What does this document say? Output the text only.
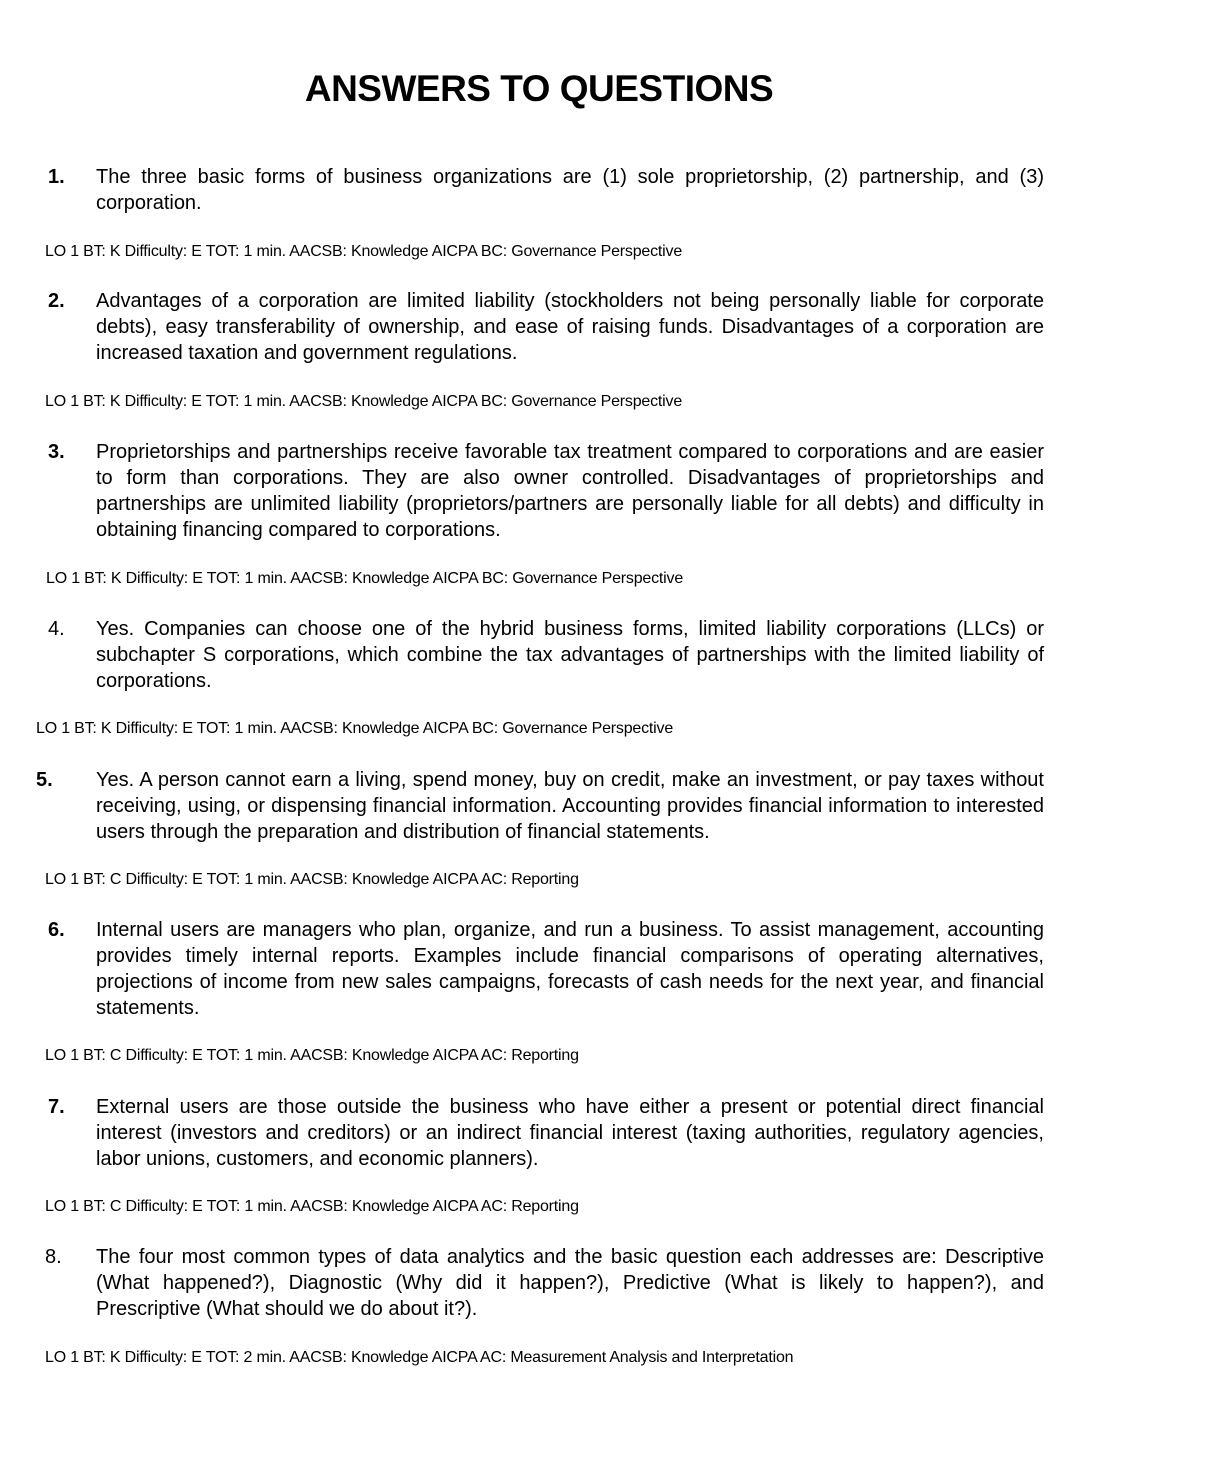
ANSWERS TO QUESTIONS
1. The three basic forms of business organizations are (1) sole proprietorship, (2) partnership, and (3) corporation.

LO 1 BT: K Difficulty: E TOT: 1 min. AACSB: Knowledge AICPA BC: Governance Perspective
2. Advantages of a corporation are limited liability (stockholders not being personally liable for corporate debts), easy transferability of ownership, and ease of raising funds. Disadvantages of a corporation are increased taxation and government regulations.

LO 1 BT: K Difficulty: E TOT: 1 min. AACSB: Knowledge AICPA BC: Governance Perspective
3. Proprietorships and partnerships receive favorable tax treatment compared to corporations and are easier to form than corporations. They are also owner controlled. Disadvantages of proprietorships and partnerships are unlimited liability (proprietors/partners are personally liable for all debts) and difficulty in obtaining financing compared to corporations.

LO 1 BT: K Difficulty: E TOT: 1 min. AACSB: Knowledge AICPA BC: Governance Perspective
4. Yes. Companies can choose one of the hybrid business forms, limited liability corporations (LLCs) or subchapter S corporations, which combine the tax advantages of partnerships with the limited liability of corporations.

LO 1 BT: K Difficulty: E TOT: 1 min. AACSB: Knowledge AICPA BC: Governance Perspective
5. Yes. A person cannot earn a living, spend money, buy on credit, make an investment, or pay taxes without receiving, using, or dispensing financial information. Accounting provides financial information to interested users through the preparation and distribution of financial statements.

LO 1 BT: C Difficulty: E TOT: 1 min. AACSB: Knowledge AICPA AC: Reporting
6. Internal users are managers who plan, organize, and run a business. To assist management, accounting provides timely internal reports. Examples include financial comparisons of operating alternatives, projections of income from new sales campaigns, forecasts of cash needs for the next year, and financial statements.

LO 1 BT: C Difficulty: E TOT: 1 min. AACSB: Knowledge AICPA AC: Reporting
7. External users are those outside the business who have either a present or potential direct financial interest (investors and creditors) or an indirect financial interest (taxing authorities, regulatory agencies, labor unions, customers, and economic planners).

LO 1 BT: C Difficulty: E TOT: 1 min. AACSB: Knowledge AICPA AC: Reporting
8. The four most common types of data analytics and the basic question each addresses are: Descriptive (What happened?), Diagnostic (Why did it happen?), Predictive (What is likely to happen?), and Prescriptive (What should we do about it?).

LO 1 BT: K Difficulty: E TOT: 2 min. AACSB: Knowledge AICPA AC: Measurement Analysis and Interpretation
